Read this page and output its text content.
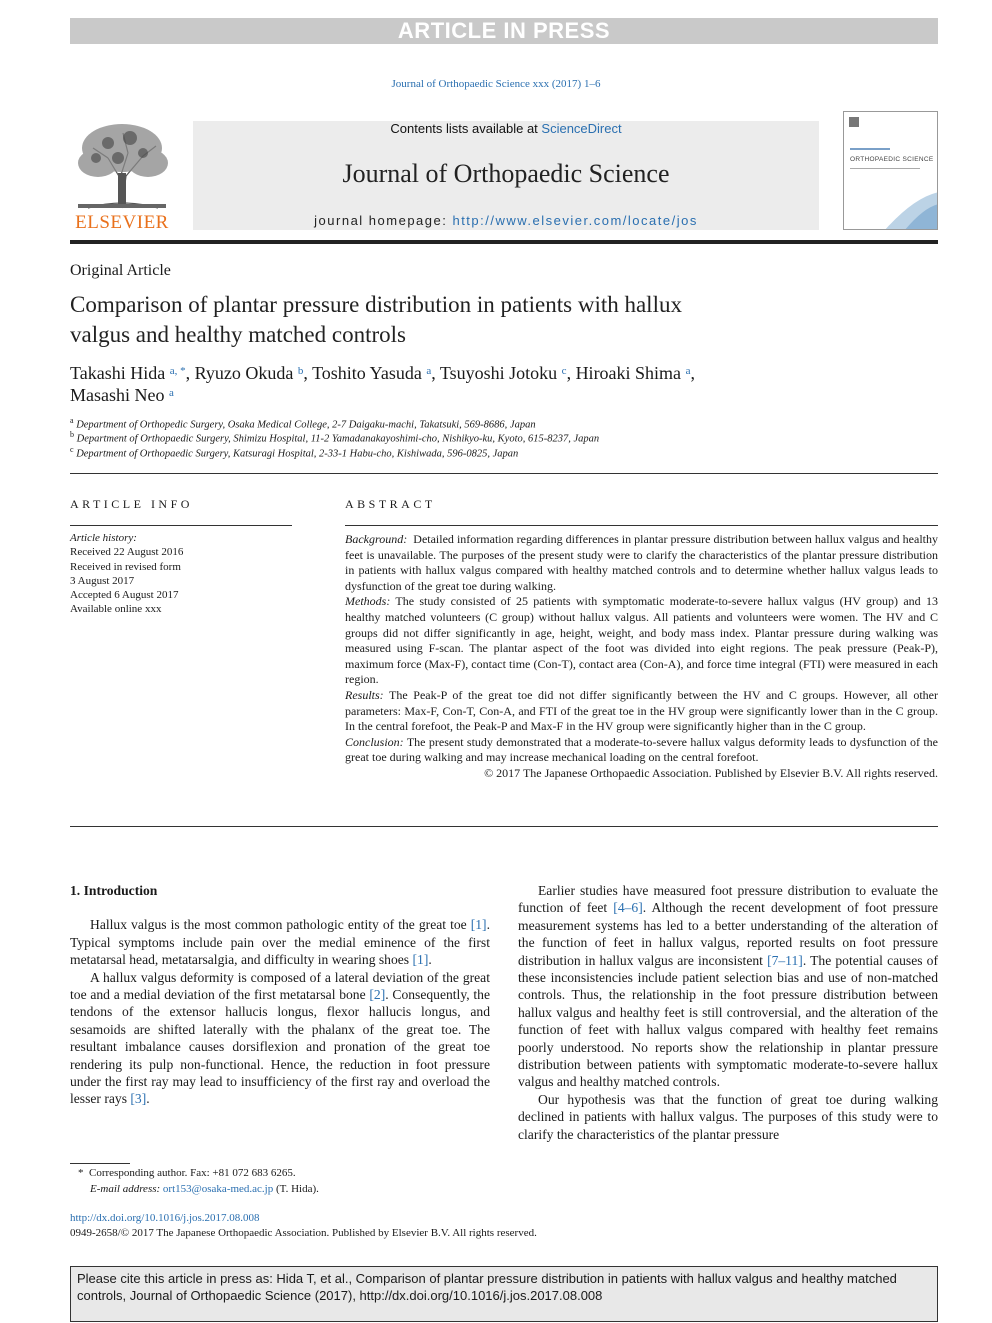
ARTICLE IN PRESS
Journal of Orthopaedic Science xxx (2017) 1–6
ELSEVIER
Contents lists available at ScienceDirect
Journal of Orthopaedic Science
journal homepage: http://www.elsevier.com/locate/jos
ORTHOPAEDIC SCIENCE
Original Article
Comparison of plantar pressure distribution in patients with hallux
valgus and healthy matched controls
Takashi Hida $^{a, *}$, Ryuzo Okuda $^b$, Toshito Yasuda $^a$, Tsuyoshi Jotoku $^c$, Hiroaki Shima $^a$,
Masashi Neo $^a$
$^a$ Department of Orthopedic Surgery, Osaka Medical College, 2-7 Daigaku-machi, Takatsuki, 569-8686, Japan
$^b$ Department of Orthopaedic Surgery, Shimizu Hospital, 11-2 Yamadanakayoshimi-cho, Nishikyo-ku, Kyoto, 615-8237, Japan
$^c$ Department of Orthopaedic Surgery, Katsuragi Hospital, 2-33-1 Habu-cho, Kishiwada, 596-0825, Japan
ARTICLE INFO	ABSTRACT
Article history:
Received 22 August 2016
Received in revised form
3 August 2017
Accepted 6 August 2017
Available online xxx

Background: Detailed information regarding differences in plantar pressure distribution between hallux valgus and healthy feet is unavailable. The purposes of the present study were to clarify the characteristics of the plantar pressure distribution in patients with hallux valgus compared with healthy matched controls and to determine whether hallux valgus leads to dysfunction of the great toe during walking.

Methods: The study consisted of 25 patients with symptomatic moderate-to-severe hallux valgus (HV group) and 13 healthy matched volunteers (C group) without hallux valgus. All patients and volunteers were women. The HV and C groups did not differ significantly in age, height, weight, and body mass index. Plantar pressure during walking was measured using F-scan. The plantar aspect of the foot was divided into eight regions. The peak pressure (Peak-P), maximum force (Max-F), contact time (Con-T), contact area (Con-A), and force time integral (FTI) were measured in each region.

Results: The Peak-P of the great toe did not differ significantly between the HV and C groups. However, all other parameters: Max-F, Con-T, Con-A, and FTI of the great toe in the HV group were significantly lower than in the C group. In the central forefoot, the Peak-P and Max-F in the HV group were significantly higher than in the C group.

Conclusion: The present study demonstrated that a moderate-to-severe hallux valgus deformity leads to dysfunction of the great toe during walking and may increase mechanical loading on the central forefoot.

© 2017 The Japanese Orthopaedic Association. Published by Elsevier B.V. All rights reserved.

1. Introduction

Hallux valgus is the most common pathologic entity of the great toe [1]. Typical symptoms include pain over the medial eminence of the first metatarsal head, metatarsalgia, and difficulty in wearing shoes [1].

A hallux valgus deformity is composed of a lateral deviation of the great toe and a medial deviation of the first metatarsal bone [2]. Consequently, the tendons of the extensor hallucis longus, flexor hallucis longus, and sesamoids are shifted laterally with the phalanx of the great toe. The resultant imbalance causes dorsiflexion and pronation of the great toe rendering its pulp non-functional. Hence, the reduction in foot pressure under the first ray may lead to insufficiency of the first ray and overload the lesser rays [3].

Earlier studies have measured foot pressure distribution to evaluate the function of feet [4–6]. Although the recent development of foot pressure measurement systems has led to a better understanding of the alteration of the function of feet in hallux valgus, reported results on foot pressure distribution in hallux valgus are inconsistent [7–11]. The potential causes of these inconsistencies include patient selection bias and use of non-matched controls. Thus, the relationship in the foot pressure distribution between hallux valgus and healthy feet is still controversial, and the alteration of the function of feet with hallux valgus compared with healthy feet remains poorly understood. No reports show the relationship in plantar pressure distribution between patients with symptomatic moderate-to-severe hallux valgus and healthy matched controls.

Our hypothesis was that the function of great toe during walking declined in patients with hallux valgus. The purposes of this study were to clarify the characteristics of the plantar pressure

* Corresponding author. Fax: +81 072 683 6265.
E-mail address: ort153@osaka-med.ac.jp (T. Hida).
http://dx.doi.org/10.1016/j.jos.2017.08.008
0949-2658/© 2017 The Japanese Orthopaedic Association. Published by Elsevier B.V. All rights reserved.
Please cite this article in press as: Hida T, et al., Comparison of plantar pressure distribution in patients with hallux valgus and healthy matched controls, Journal of Orthopaedic Science (2017), http://dx.doi.org/10.1016/j.jos.2017.08.008
